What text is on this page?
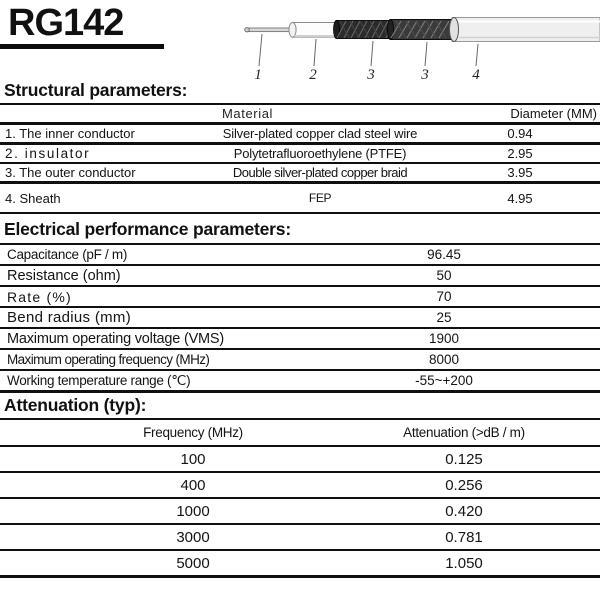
RG142
1	2	3	3	4
Structural parameters:
	Material	Diameter (MM)
1. The inner conductor	Silver-plated copper clad steel wire	0.94
2. insulator	Polytetrafluoroethylene (PTFE)	2.95
3. The outer conductor	Double silver-plated copper braid	3.95
4. Sheath	FEP	4.95
Electrical performance parameters:
Capacitance (pF / m)	96.45
Resistance (ohm)	50
Rate (%)	70
Bend radius (mm)	25
Maximum operating voltage (VMS)	1900
Maximum operating frequency (MHz)	8000
Working temperature range (℃)	-55~+200
Attenuation (typ):
Frequency (MHz)	Attenuation (>dB / m)
100	0.125
400	0.256
1000	0.420
3000	0.781
5000	1.050
